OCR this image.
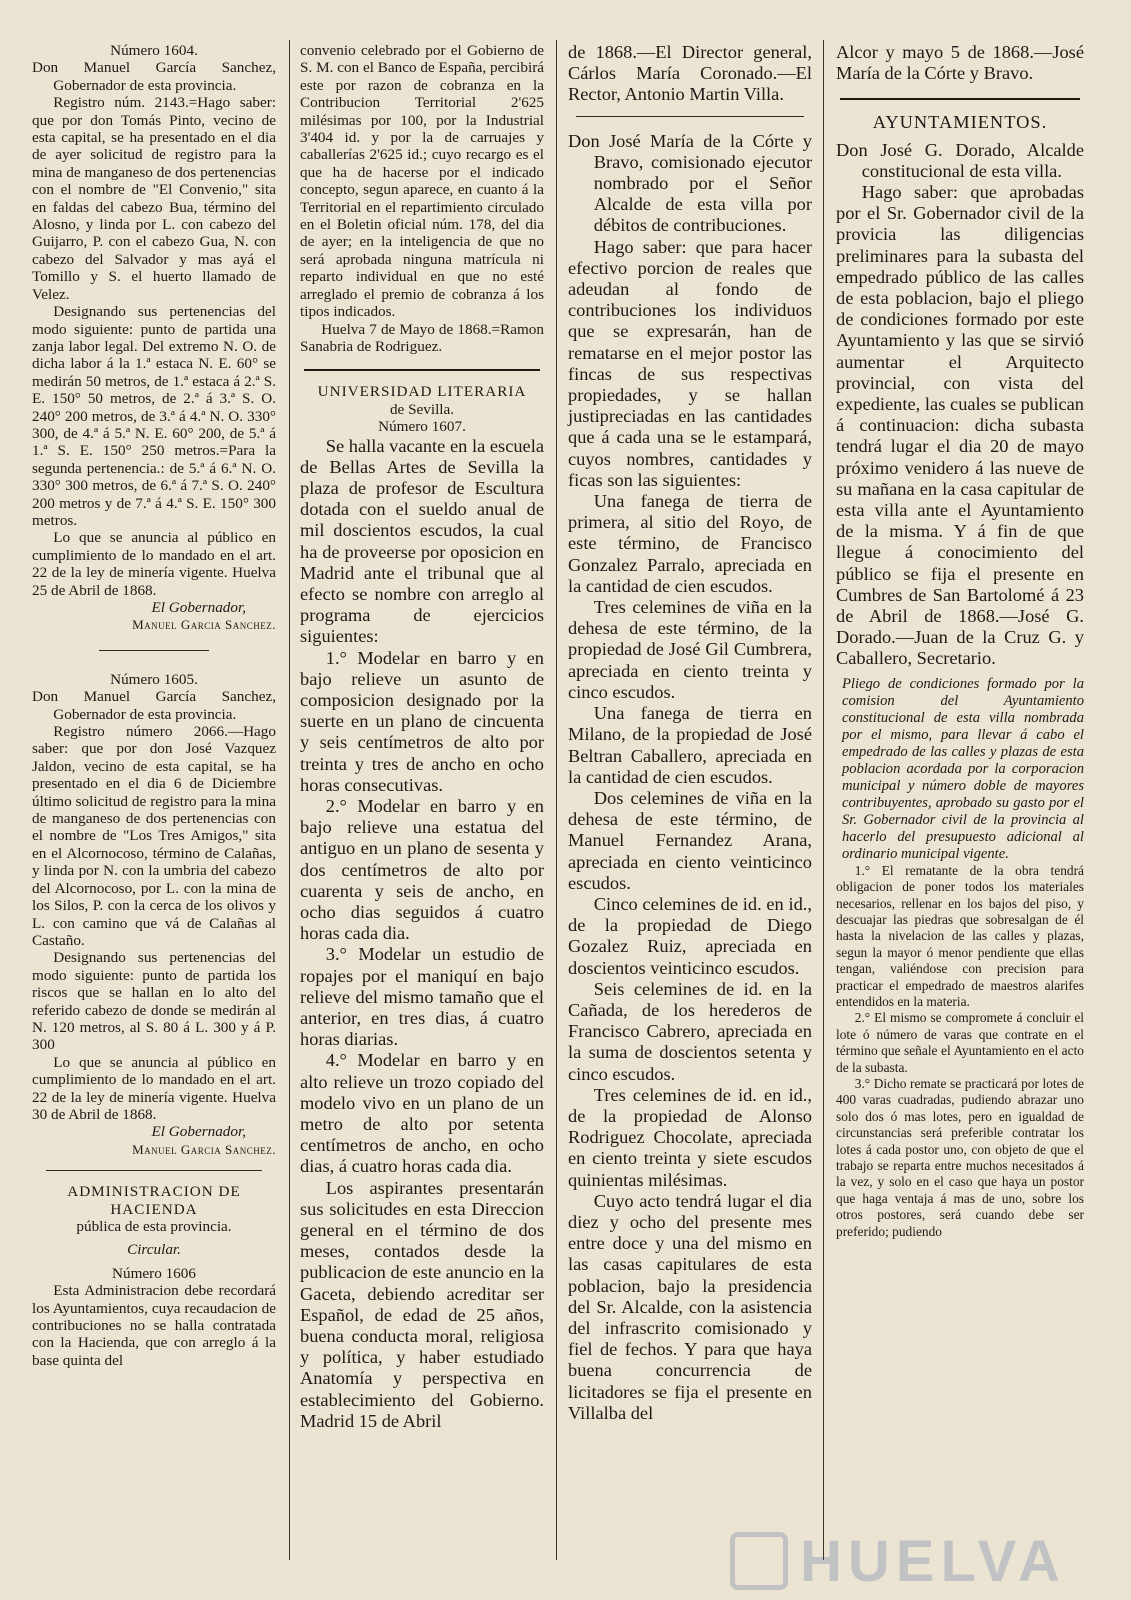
Número 1604.

Don Manuel García Sanchez, Gobernador de esta provincia.

Registro núm. 2143.=Hago saber: que por don Tomás Pinto, vecino de esta capital, se ha presentado en el dia de ayer solicitud de registro para la mina de manganeso de dos pertenencias con el nombre de "El Convenio," sita en faldas del cabezo Bua, término del Alosno, y linda por L. con cabezo del Guijarro, P. con el cabezo Gua, N. con cabezo del Salvador y mas ayá el Tomillo y S. el huerto llamado de Velez.

Designando sus pertenencias del modo siguiente: punto de partida una zanja labor legal. Del extremo N. O. de dicha labor á la 1.ª estaca N. E. 60° se medirán 50 metros, de 1.ª estaca á 2.ª S. E. 150° 50 metros, de 2.ª á 3.ª S. O. 240° 200 metros, de 3.ª á 4.ª N. O. 330° 300, de 4.ª á 5.ª N. E. 60° 200, de 5.ª á 1.ª S. E. 150° 250 metros.=Para la segunda pertenencia.: de 5.ª á 6.ª N. O. 330° 300 metros, de 6.ª á 7.ª S. O. 240° 200 metros y de 7.ª á 4.ª S. E. 150° 300 metros.

Lo que se anuncia al público en cumplimiento de lo mandado en el art. 22 de la ley de minería vigente. Huelva 25 de Abril de 1868.

El Gobernador,

Manuel Garcia Sanchez.

Número 1605.

Don Manuel García Sanchez, Gobernador de esta provincia.

Registro número 2066.—Hago saber: que por don José Vazquez Jaldon, vecino de esta capital, se ha presentado en el dia 6 de Diciembre último solicitud de registro para la mina de manganeso de dos pertenencias con el nombre de "Los Tres Amigos," sita en el Alcornocoso, término de Calañas, y linda por N. con la umbria del cabezo del Alcornocoso, por L. con la mina de los Silos, P. con la cerca de los olivos y L. con camino que vá de Calañas al Castaño.

Designando sus pertenencias del modo siguiente: punto de partida los riscos que se hallan en lo alto del referido cabezo de donde se medirán al N. 120 metros, al S. 80 á L. 300 y á P. 300

Lo que se anuncia al público en cumplimiento de lo mandado en el art. 22 de la ley de minería vigente. Huelva 30 de Abril de 1868.

El Gobernador,

Manuel Garcia Sanchez.

ADMINISTRACION DE HACIENDA

pública de esta provincia.

Circular.

Número 1606

Esta Administracion debe recordará los Ayuntamientos, cuya recaudacion de contribuciones no se halla contratada con la Hacienda, que con arreglo á la base quinta del

convenio celebrado por el Gobierno de S. M. con el Banco de España, percibirá este por razon de cobranza en la Contribucion Territorial 2'625 milésimas por 100, por la Industrial 3'404 id. y por la de carruajes y caballerías 2'625 id.; cuyo recargo es el que ha de hacerse por el indicado concepto, segun aparece, en cuanto á la Territorial en el repartimiento circulado en el Boletin oficial núm. 178, del dia de ayer; en la inteligencia de que no será aprobada ninguna matrícula ni reparto individual en que no esté arreglado el premio de cobranza á los tipos indicados.

Huelva 7 de Mayo de 1868.=Ramon Sanabria de Rodriguez.

UNIVERSIDAD LITERARIA

de Sevilla.

Número 1607.

Se halla vacante en la escuela de Bellas Artes de Sevilla la plaza de profesor de Escultura dotada con el sueldo anual de mil doscientos escudos, la cual ha de proveerse por oposicion en Madrid ante el tribunal que al efecto se nombre con arreglo al programa de ejercicios siguientes:

1.° Modelar en barro y en bajo relieve un asunto de composicion designado por la suerte en un plano de cincuenta y seis centímetros de alto por treinta y tres de ancho en ocho horas consecutivas.

2.° Modelar en barro y en bajo relieve una estatua del antiguo en un plano de sesenta y dos centímetros de alto por cuarenta y seis de ancho, en ocho dias seguidos á cuatro horas cada dia.

3.° Modelar un estudio de ropajes por el maniquí en bajo relieve del mismo tamaño que el anterior, en tres dias, á cuatro horas diarias.

4.° Modelar en barro y en alto relieve un trozo copiado del modelo vivo en un plano de un metro de alto por setenta centímetros de ancho, en ocho dias, á cuatro horas cada dia.

Los aspirantes presentarán sus solicitudes en esta Direccion general en el término de dos meses, contados desde la publicacion de este anuncio en la Gaceta, debiendo acreditar ser Español, de edad de 25 años, buena conducta moral, religiosa y política, y haber estudiado Anatomía y perspectiva en establecimiento del Gobierno. Madrid 15 de Abril

de 1868.—El Director general, Cárlos María Coronado.—El Rector, Antonio Martin Villa.

Don José María de la Córte y Bravo, comisionado ejecutor nombrado por el Señor Alcalde de esta villa por débitos de contribuciones.

Hago saber: que para hacer efectivo porcion de reales que adeudan al fondo de contribuciones los individuos que se expresarán, han de rematarse en el mejor postor las fincas de sus respectivas propiedades, y se hallan justipreciadas en las cantidades que á cada una se le estampará, cuyos nombres, cantidades y ficas son las siguientes:

Una fanega de tierra de primera, al sitio del Royo, de este término, de Francisco Gonzalez Parralo, apreciada en la cantidad de cien escudos.

Tres celemines de viña en la dehesa de este término, de la propiedad de José Gil Cumbrera, apreciada en ciento treinta y cinco escudos.

Una fanega de tierra en Milano, de la propiedad de José Beltran Caballero, apreciada en la cantidad de cien escudos.

Dos celemines de viña en la dehesa de este término, de Manuel Fernandez Arana, apreciada en ciento veinticinco escudos.

Cinco celemines de id. en id., de la propiedad de Diego Gozalez Ruiz, apreciada en doscientos veinticinco escudos.

Seis celemines de id. en la Cañada, de los herederos de Francisco Cabrero, apreciada en la suma de doscientos setenta y cinco escudos.

Tres celemines de id. en id., de la propiedad de Alonso Rodriguez Chocolate, apreciada en ciento treinta y siete escudos quinientas milésimas.

Cuyo acto tendrá lugar el dia diez y ocho del presente mes entre doce y una del mismo en las casas capitulares de esta poblacion, bajo la presidencia del Sr. Alcalde, con la asistencia del infrascrito comisionado y fiel de fechos. Y para que haya buena concurrencia de licitadores se fija el presente en Villalba del

Alcor y mayo 5 de 1868.—José María de la Córte y Bravo.

AYUNTAMIENTOS.

Don José G. Dorado, Alcalde constitucional de esta villa.

Hago saber: que aprobadas por el Sr. Gobernador civil de la provicia las diligencias preliminares para la subasta del empedrado público de las calles de esta poblacion, bajo el pliego de condiciones formado por este Ayuntamiento y las que se sirvió aumentar el Arquitecto provincial, con vista del expediente, las cuales se publican á continuacion: dicha subasta tendrá lugar el dia 20 de mayo próximo venidero á las nueve de su mañana en la casa capitular de esta villa ante el Ayuntamiento de la misma. Y á fin de que llegue á conocimiento del público se fija el presente en Cumbres de San Bartolomé á 23 de Abril de 1868.—José G. Dorado.—Juan de la Cruz G. y Caballero, Secretario.

Pliego de condiciones formado por la comision del Ayuntamiento constitucional de esta villa nombrada por el mismo, para llevar á cabo el empedrado de las calles y plazas de esta poblacion acordada por la corporacion municipal y número doble de mayores contribuyentes, aprobado su gasto por el Sr. Gobernador civil de la provincia al hacerlo del presupuesto adicional al ordinario municipal vigente.

1.° El rematante de la obra tendrá obligacion de poner todos los materiales necesarios, rellenar en los bajos del piso, y descuajar las piedras que sobresalgan de él hasta la nivelacion de las calles y plazas, segun la mayor ó menor pendiente que ellas tengan, valiéndose con precision para practicar el empedrado de maestros alarifes entendidos en la materia.

2.° El mismo se compromete á concluir el lote ó número de varas que contrate en el término que señale el Ayuntamiento en el acto de la subasta.

3.° Dicho remate se practicará por lotes de 400 varas cuadradas, pudiendo abrazar uno solo dos ó mas lotes, pero en igualdad de circunstancias será preferible contratar los lotes á cada postor uno, con objeto de que el trabajo se reparta entre muchos necesitados á la vez, y solo en el caso que haya un postor que haga ventaja á mas de uno, sobre los otros postores, será cuando debe ser preferido; pudiendo

HUELVA
